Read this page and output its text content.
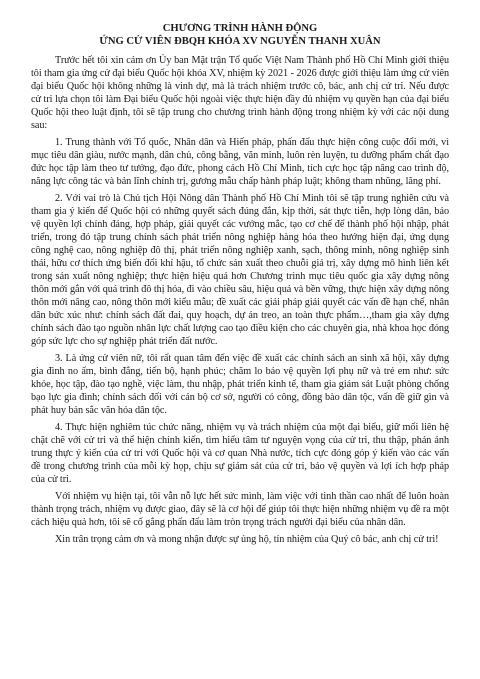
CHƯƠNG TRÌNH HÀNH ĐỘNG

ỨNG CỬ VIÊN ĐBQH KHÓA XV NGUYỄN THANH XUÂN

Trước hết tôi xin cảm ơn Ủy ban Mặt trận Tổ quốc Việt Nam Thành phố Hồ Chí Minh giới thiệu tôi tham gia ứng cử đại biểu Quốc hội khóa XV, nhiệm kỳ 2021 - 2026 được giới thiệu làm ứng cử viên đại biểu Quốc hội không những là vinh dự, mà là trách nhiệm trước cô, bác, anh chị cử tri. Nếu được cử tri lựa chọn tôi làm Đại biểu Quốc hội ngoài việc thực hiện đầy đủ nhiệm vụ quyền hạn của đại biểu Quốc hội theo luật định, tôi sẽ tập trung cho chương trình hành động trong nhiệm kỳ với các nội dung sau:

1. Trung thành với Tổ quốc, Nhân dân và Hiến pháp, phấn đấu thực hiện công cuộc đổi mới, vì mục tiêu dân giàu, nước mạnh, dân chủ, công bằng, văn minh, luôn rèn luyện, tu dưỡng phẩm chất đạo đức học tập làm theo tư tưởng, đạo đức, phong cách Hồ Chí Minh, tích cực học tập nâng cao trình độ, năng lực công tác và bản lĩnh chính trị, gương mẫu chấp hành pháp luật; không tham nhũng, lãng phí.

2. Với vai trò là Chủ tịch Hội Nông dân Thành phố Hồ Chí Minh tôi sẽ tập trung nghiên cứu và tham gia ý kiến để Quốc hội có những quyết sách đúng đắn, kịp thời, sát thực tiễn, hợp lòng dân, bảo vệ quyền lợi chính đáng, hợp pháp, giải quyết các vướng mắc, tạo cơ chế để thành phố hội nhập, phát triển, trong đó tập trung chính sách phát triển nông nghiệp hàng hóa theo hướng hiện đại, ứng dụng công nghệ cao, nông nghiệp đô thị, phát triển nông nghiệp xanh, sạch, thông minh, nông nghiệp sinh thái, hữu cơ thích ứng biến đổi khí hậu, tổ chức sản xuất theo chuỗi giá trị, xây dựng mô hình liên kết trong sản xuất nông nghiệp; thực hiện hiệu quả hơn Chương trình mục tiêu quốc gia xây dựng nông thôn mới gắn với quá trình đô thị hóa, đi vào chiều sâu, hiệu quả và bền vững, thực hiện xây dựng nông thôn mới nâng cao, nông thôn mới kiểu mẫu; đề xuất các giải pháp giải quyết các vấn đề hạn chế, nhân dân bức xúc như: chính sách đất đai, quy hoạch, dự án treo, an toàn thực phẩm…,tham gia xây dựng chính sách đào tạo nguồn nhân lực chất lượng cao tạo điều kiện cho các chuyên gia, nhà khoa học đóng góp sức lực cho sự nghiệp phát triển đất nước.

3. Là ứng cử viên nữ, tôi rất quan tâm đến việc đề xuất các chính sách an sinh xã hội, xây dựng gia đình no ấm, bình đẳng, tiến bộ, hạnh phúc; chăm lo bảo vệ quyền lợi phụ nữ và trẻ em như: sức khỏe, học tập, đào tạo nghề, việc làm, thu nhập, phát triển kinh tế, tham gia giám sát Luật phòng chống bạo lực gia đình; chính sách đối với cán bộ cơ sở, người có công, đồng bào dân tộc, vấn đề giữ gìn và phát huy bản sắc văn hóa dân tộc.

4. Thực hiện nghiêm túc chức năng, nhiệm vụ và trách nhiệm của một đại biểu, giữ mối liên hệ chặt chẽ với cử tri và thể hiện chính kiến, tìm hiểu tâm tư nguyện vọng của cử tri, thu thập, phản ánh trung thực ý kiến của cử tri với Quốc hội và cơ quan Nhà nước, tích cực đóng góp ý kiến vào các vấn đề trong chương trình của mỗi kỳ họp, chịu sự giám sát của cử tri, bảo vệ quyền và lợi ích hợp pháp của cử tri.

Với nhiệm vụ hiện tại, tôi vẫn nỗ lực hết sức mình, làm việc với tinh thần cao nhất để luôn hoàn thành trọng trách, nhiệm vụ được giao, đây sẽ là cơ hội để giúp tôi thực hiện những nhiệm vụ đề ra một cách hiệu quả hơn, tôi sẽ cố gắng phấn đấu làm tròn trọng trách người đại biểu của nhân dân.

Xin trân trọng cảm ơn và mong nhận được sự ủng hộ, tín nhiệm của Quý cô bác, anh chị cử tri!
